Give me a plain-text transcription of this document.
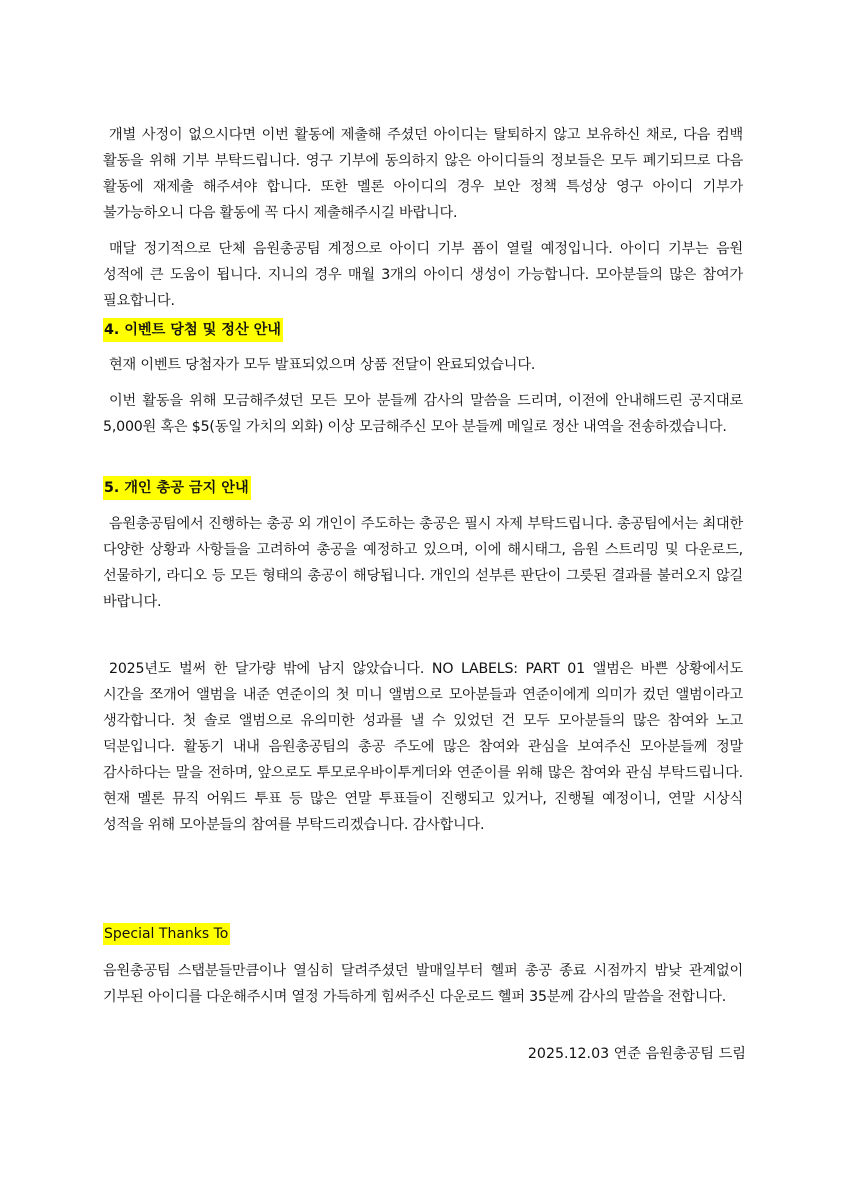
개별 사정이 없으시다면 이번 활동에 제출해 주셨던 아이디는 탈퇴하지 않고 보유하신 채로, 다음 컴백 활동을 위해 기부 부탁드립니다. 영구 기부에 동의하지 않은 아이디들의 정보들은 모두 폐기되므로 다음 활동에 재제출 해주셔야 합니다. 또한 멜론 아이디의 경우 보안 정책 특성상 영구 아이디 기부가 불가능하오니 다음 활동에 꼭 다시 제출해주시길 바랍니다.

매달 정기적으로 단체 음원총공팀 계정으로 아이디 기부 폼이 열릴 예정입니다. 아이디 기부는 음원 성적에 큰 도움이 됩니다. 지니의 경우 매월 3개의 아이디 생성이 가능합니다. 모아분들의 많은 참여가 필요합니다.

4. 이벤트 당첨 및 정산 안내

현재 이벤트 당첨자가 모두 발표되었으며 상품 전달이 완료되었습니다.

이번 활동을 위해 모금해주셨던 모든 모아 분들께 감사의 말씀을 드리며, 이전에 안내해드린 공지대로 5,000원 혹은 $5(동일 가치의 외화) 이상 모금해주신 모아 분들께 메일로 정산 내역을 전송하겠습니다.

5. 개인 총공 금지 안내

음원총공팀에서 진행하는 총공 외 개인이 주도하는 총공은 필시 자제 부탁드립니다. 총공팀에서는 최대한 다양한 상황과 사항들을 고려하여 총공을 예정하고 있으며, 이에 해시태그, 음원 스트리밍 및 다운로드, 선물하기, 라디오 등 모든 형태의 총공이 해당됩니다. 개인의 섣부른 판단이 그릇된 결과를 불러오지 않길 바랍니다.

2025년도 벌써 한 달가량 밖에 남지 않았습니다. NO LABELS: PART 01 앨범은 바쁜 상황에서도 시간을 쪼개어 앨범을 내준 연준이의 첫 미니 앨범으로 모아분들과 연준이에게 의미가 컸던 앨범이라고 생각합니다. 첫 솔로 앨범으로 유의미한 성과를 낼 수 있었던 건 모두 모아분들의 많은 참여와 노고 덕분입니다. 활동기 내내 음원총공팀의 총공 주도에 많은 참여와 관심을 보여주신 모아분들께 정말 감사하다는 말을 전하며, 앞으로도 투모로우바이투게더와 연준이를 위해 많은 참여와 관심 부탁드립니다. 현재 멜론 뮤직 어워드 투표 등 많은 연말 투표들이 진행되고 있거나, 진행될 예정이니, 연말 시상식 성적을 위해 모아분들의 참여를 부탁드리겠습니다. 감사합니다.

Special Thanks To

음원총공팀 스탭분들만큼이나 열심히 달려주셨던 발매일부터 헬퍼 총공 종료 시점까지 밤낮 관계없이 기부된 아이디를 다운해주시며 열정 가득하게 힘써주신 다운로드 헬퍼 35분께 감사의 말씀을 전합니다.

2025.12.03 연준 음원총공팀 드림
